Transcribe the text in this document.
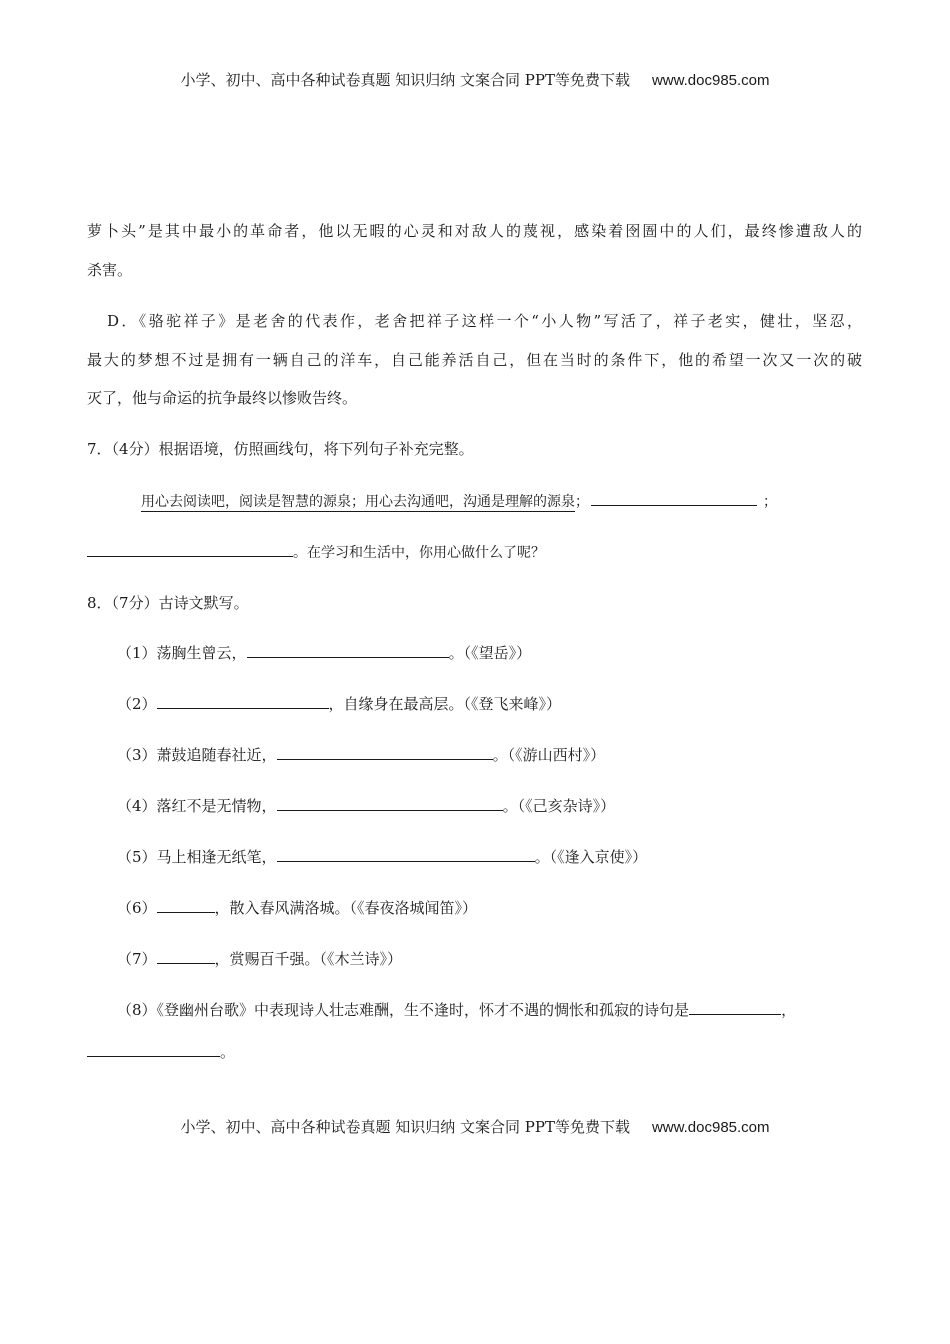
小学、初中、高中各种试卷真题 知识归纳 文案合同 PPT等免费下载 www.doc985.com
萝卜头”是其中最小的革命者，他以无暇的心灵和对敌人的蔑视，感染着囹圄中的人们，最终惨遭敌人的
杀害。
D．《骆驼祥子》是老舍的代表作，老舍把祥子这样一个“小人物”写活了，祥子老实，健壮，坚忍，
最大的梦想不过是拥有一辆自己的洋车，自己能养活自己，但在当时的条件下，他的希望一次又一次的破
灭了，他与命运的抗争最终以惨败告终。
7．（4分）根据语境，仿照画线句，将下列句子补充完整。
用心去阅读吧，阅读是智慧的源泉；用心去沟通吧，沟通是理解的源泉；	；
。在学习和生活中，你用心做什么了呢？
8．（7分）古诗文默写。
（1）荡胸生曾云，	。（《望岳》）
（2）	，自缘身在最高层。（《登飞来峰》）
（3）萧鼓追随春社近，	。（《游山西村》）
（4）落红不是无情物，	。（《己亥杂诗》）
（5）马上相逢无纸笔，	。（《逢入京使》）
（6）	，散入春风满洛城。（《春夜洛城闻笛》）
（7）	，赏赐百千强。（《木兰诗》）
（8）《登幽州台歌》中表现诗人壮志难酬，生不逢时，怀才不遇的惆怅和孤寂的诗句是	，
。
小学、初中、高中各种试卷真题 知识归纳 文案合同 PPT等免费下载 www.doc985.com
